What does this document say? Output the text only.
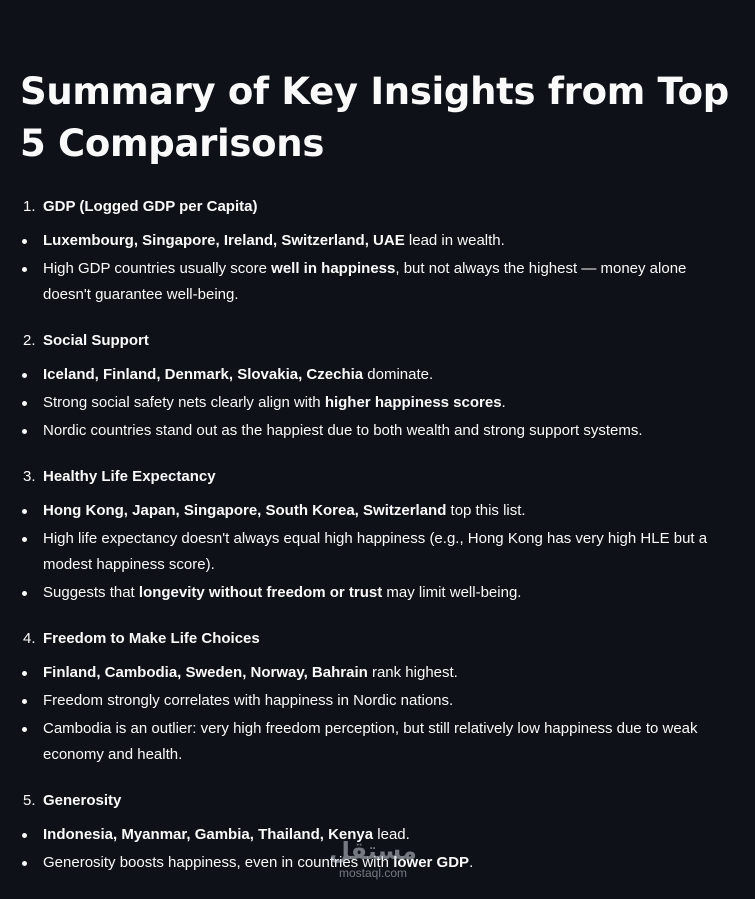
Summary of Key Insights from Top 5 Comparisons
1. GDP (Logged GDP per Capita)
Luxembourg, Singapore, Ireland, Switzerland, UAE lead in wealth.
High GDP countries usually score well in happiness, but not always the highest — money alone doesn't guarantee well-being.
2. Social Support
Iceland, Finland, Denmark, Slovakia, Czechia dominate.
Strong social safety nets clearly align with higher happiness scores.
Nordic countries stand out as the happiest due to both wealth and strong support systems.
3. Healthy Life Expectancy
Hong Kong, Japan, Singapore, South Korea, Switzerland top this list.
High life expectancy doesn't always equal high happiness (e.g., Hong Kong has very high HLE but a modest happiness score).
Suggests that longevity without freedom or trust may limit well-being.
4. Freedom to Make Life Choices
Finland, Cambodia, Sweden, Norway, Bahrain rank highest.
Freedom strongly correlates with happiness in Nordic nations.
Cambodia is an outlier: very high freedom perception, but still relatively low happiness due to weak economy and health.
5. Generosity
Indonesia, Myanmar, Gambia, Thailand, Kenya lead.
Generosity boosts happiness, even in countries with lower GDP.
مستقل
mostaql.com
